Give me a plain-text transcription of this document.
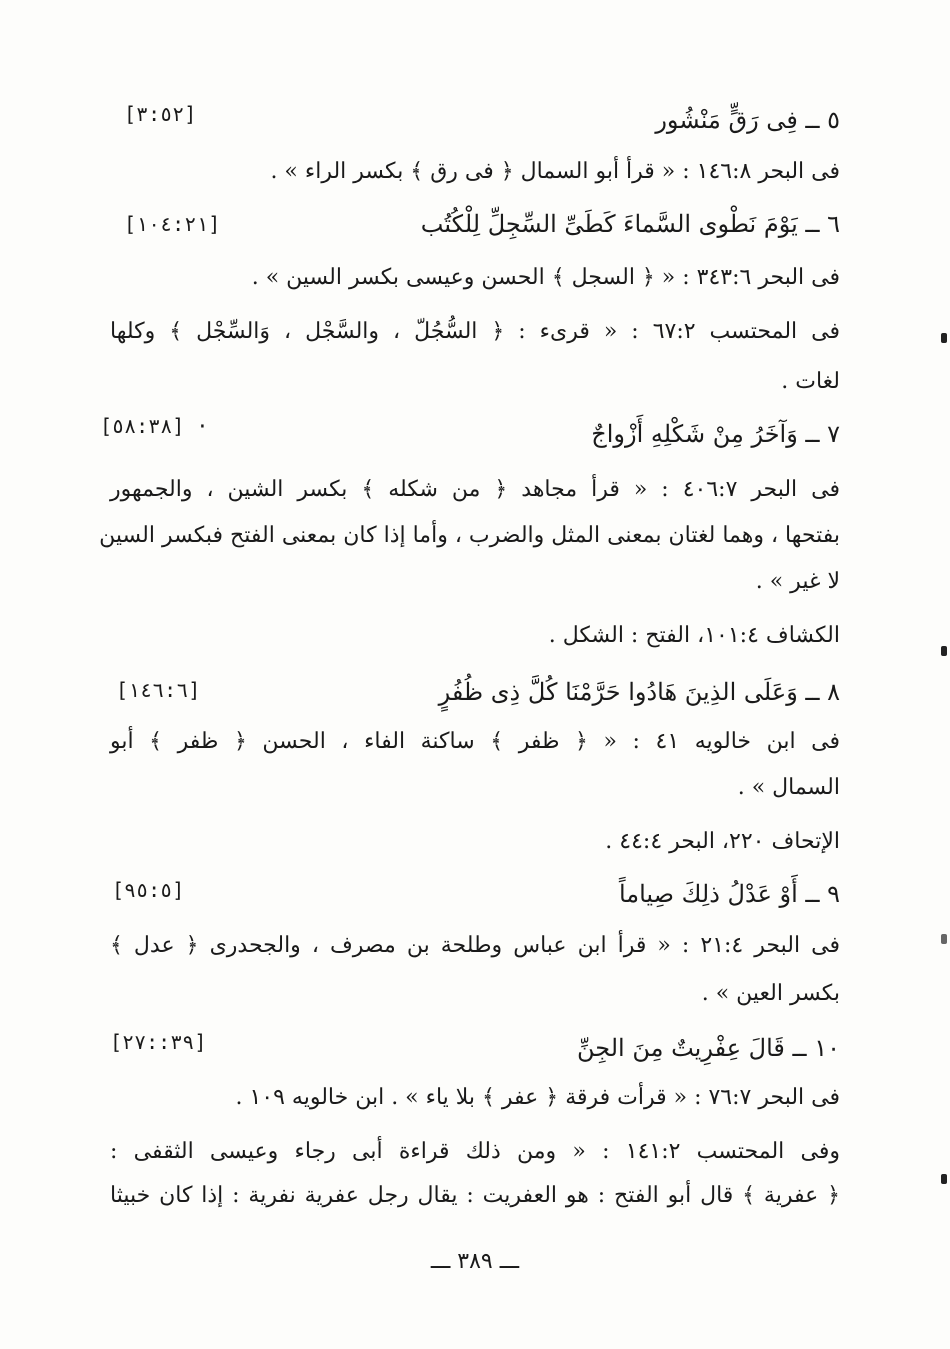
٥ ــ فِى رَقٍّ مَنْشُور
[٣:٥٢]
فى البحر ١٤٦:٨ : « قرأ أبو السمال ﴿ فى رق ﴾ بكسر الراء » .
٦ ــ يَوْمَ نَطْوى السَّماءَ كَطَىِّ السِّجِلِّ لِلْكُتُب
[١٠٤:٢١]
فى البحر ٣٤٣:٦ : « ﴿ السجل ﴾ الحسن وعيسى بكسر السين » .
فى المحتسب ٦٧:٢ : « قرىء : ﴿ السُّجُلّ ، والسَّجْل ، وَالسِّجْل ﴾ وكلها
لغات .
٧ ــ وَآخَرُ مِنْ شَكْلِهِ أَزْواجٌ
[٥٨:٣٨] ·
فى البحر ٤٠٦:٧ : « قرأ مجاهد ﴿ من شكله ﴾ بكسر الشين ، والجمهور
بفتحها ، وهما لغتان بمعنى المثل والضرب ، وأما إذا كان بمعنى الفتح فبكسر السين
لا غير » .
الكشاف ١٠١:٤، الفتح : الشكل .
٨ ــ وَعَلَى الذِينَ هَادُوا حَرَّمْنَا كُلَّ ذِى ظُفُرٍ
[١٤٦:٦]
فى ابن خالويه ٤١ : « ﴿ ظفر ﴾ ساكنة الفاء ، الحسن ﴿ ظفر ﴾ أبو
السمال » .
الإتحاف ٢٢٠، البحر ٤٤:٤ .
٩ ــ أَوْ عَدْلُ ذلِكَ صِياماً
[٩٥:٥]
فى البحر ٢١:٤ : « قرأ ابن عباس وطلحة بن مصرف ، والجحدرى ﴿ عدل ﴾
بكسر العين » .
١٠ ــ قَالَ عِفْرِيتٌ مِنَ الجِنِّ
[٣٩::٢٧]
فى البحر ٧٦:٧ : « قرأت فرقة ﴿ عفر ﴾ بلا ياء » . ابن خالويه ١٠٩ .
وفى المحتسب ١٤١:٢ : « ومن ذلك قراءة أبى رجاء وعيسى الثقفى :
﴿ عفرية ﴾ قال أبو الفتح : هو العفريت : يقال رجل عفرية نفرية : إذا كان خبيثا
ـــ ٣٨٩ ـــ
